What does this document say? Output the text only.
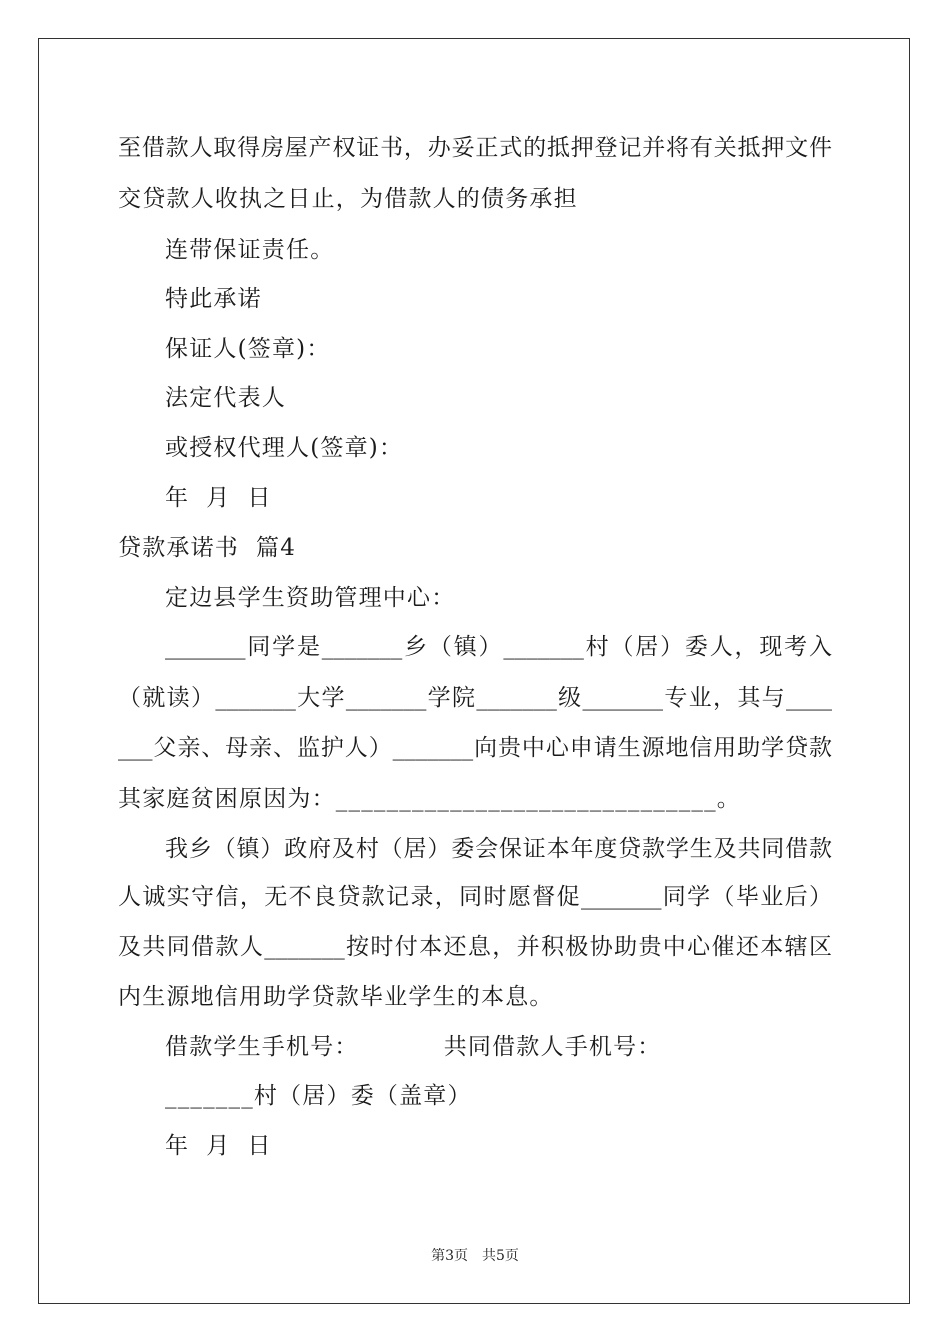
至借款人取得房屋产权证书，办妥正式的抵押登记并将有关抵押文件
交贷款人收执之日止，为借款人的债务承担
连带保证责任。
特此承诺
保证人(签章)：
法定代表人
或授权代理人(签章)：
年  月  日
贷款承诺书  篇4
定边县学生资助管理中心：
_______同学是_______乡（镇）_______村（居）委人，现考入
（就读）_______大学_______学院_______级_______专业，其与____
___父亲、母亲、监护人）_______向贵中心申请生源地信用助学贷款
其家庭贫困原因为：______________________________。
我乡（镇）政府及村（居）委会保证本年度贷款学生及共同借款
人诚实守信，无不良贷款记录，同时愿督促_______同学（毕业后）
及共同借款人_______按时付本还息，并积极协助贵中心催还本辖区
内生源地信用助学贷款毕业学生的本息。
借款学生手机号：          共同借款人手机号：
_______村（居）委（盖章）
年  月  日
第3页 共5页
